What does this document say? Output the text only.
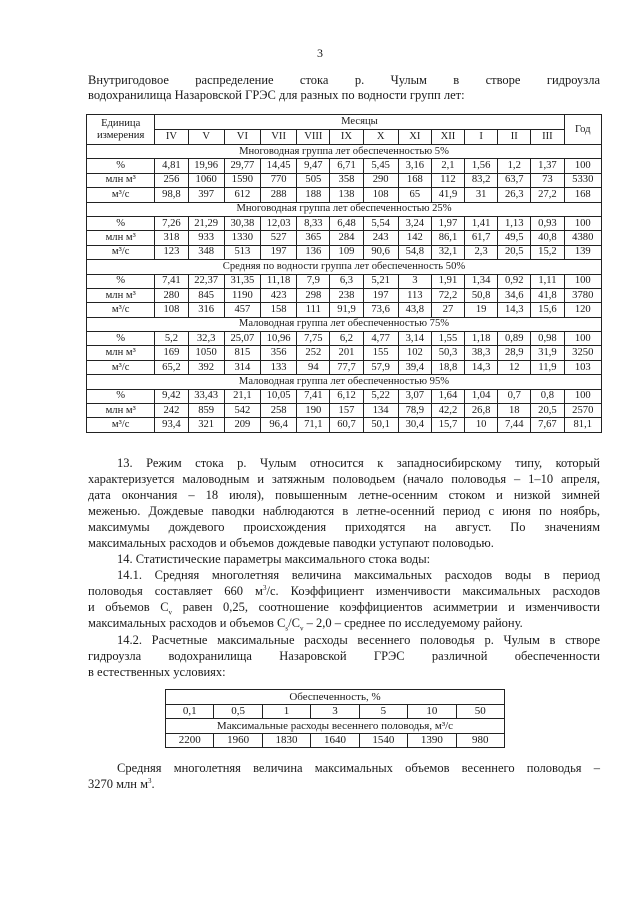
3
Внутригодовое распределение стока р. Чулым в створе гидроузла
водохранилища Назаровской ГРЭС для разных по водности групп лет:
Единица
измерения	Месяцы												Год
	IV	V	VI	VII	VIII	IX	X	XI	XII	I	II	III	
Многоводная группа лет обеспеченностью 5%													
%	4,81	19,96	29,77	14,45	9,47	6,71	5,45	3,16	2,1	1,56	1,2	1,37	100
млн м³	256	1060	1590	770	505	358	290	168	112	83,2	63,7	73	5330
м³/с	98,8	397	612	288	188	138	108	65	41,9	31	26,3	27,2	168
Многоводная группа лет обеспеченностью 25%													
%	7,26	21,29	30,38	12,03	8,33	6,48	5,54	3,24	1,97	1,41	1,13	0,93	100
млн м³	318	933	1330	527	365	284	243	142	86,1	61,7	49,5	40,8	4380
м³/с	123	348	513	197	136	109	90,6	54,8	32,1	2,3	20,5	15,2	139
Средняя по водности группа лет обеспеченность 50%													
%	7,41	22,37	31,35	11,18	7,9	6,3	5,21	3	1,91	1,34	0,92	1,11	100
млн м³	280	845	1190	423	298	238	197	113	72,2	50,8	34,6	41,8	3780
м³/с	108	316	457	158	111	91,9	73,6	43,8	27	19	14,3	15,6	120
Маловодная группа лет обеспеченностью 75%													
%	5,2	32,3	25,07	10,96	7,75	6,2	4,77	3,14	1,55	1,18	0,89	0,98	100
млн м³	169	1050	815	356	252	201	155	102	50,3	38,3	28,9	31,9	3250
м³/с	65,2	392	314	133	94	77,7	57,9	39,4	18,8	14,3	12	11,9	103
Маловодная группа лет обеспеченностью 95%													
%	9,42	33,43	21,1	10,05	7,41	6,12	5,22	3,07	1,64	1,04	0,7	0,8	100
млн м³	242	859	542	258	190	157	134	78,9	42,2	26,8	18	20,5	2570
м³/с	93,4	321	209	96,4	71,1	60,7	50,1	30,4	15,7	10	7,44	7,67	81,1
13. Режим стока р. Чулым относится к западносибирскому типу, который
характеризуется маловодным и затяжным половодьем (начало половодья – 1–10 апреля,
дата окончания – 18 июля), повышенным летне-осенним стоком и низкой зимней
меженью. Дождевые паводки наблюдаются в летне-осенний период с июня по ноябрь,
максимумы дождевого происхождения приходятся на август. По значениям
максимальных расходов и объемов дождевые паводки уступают половодью.
14. Статистические параметры максимального стока воды:
14.1. Средняя многолетняя величина максимальных расходов воды в период
половодья составляет 660 $м^3/с$. Коэффициент изменчивости максимальных расходов
и объемов $C_v$ равен 0,25, соотношение коэффициентов асимметрии и изменчивости
максимальных расходов и объемов $C_s/C_v - 2,0$ – среднее по исследуемому району.
14.2. Расчетные максимальные расходы весеннего половодья р. Чулым в створе
гидроузла водохранилища Назаровской ГРЭС различной обеспеченности
в естественных условиях:
Обеспеченность, %						
0,1	0,5	1	3	5	10	50
Максимальные расходы весеннего половодья, м³/с						
2200	1960	1830	1640	1540	1390	980
Средняя многолетняя величина максимальных объемов весеннего половодья –
3270 млн $м^3$.
